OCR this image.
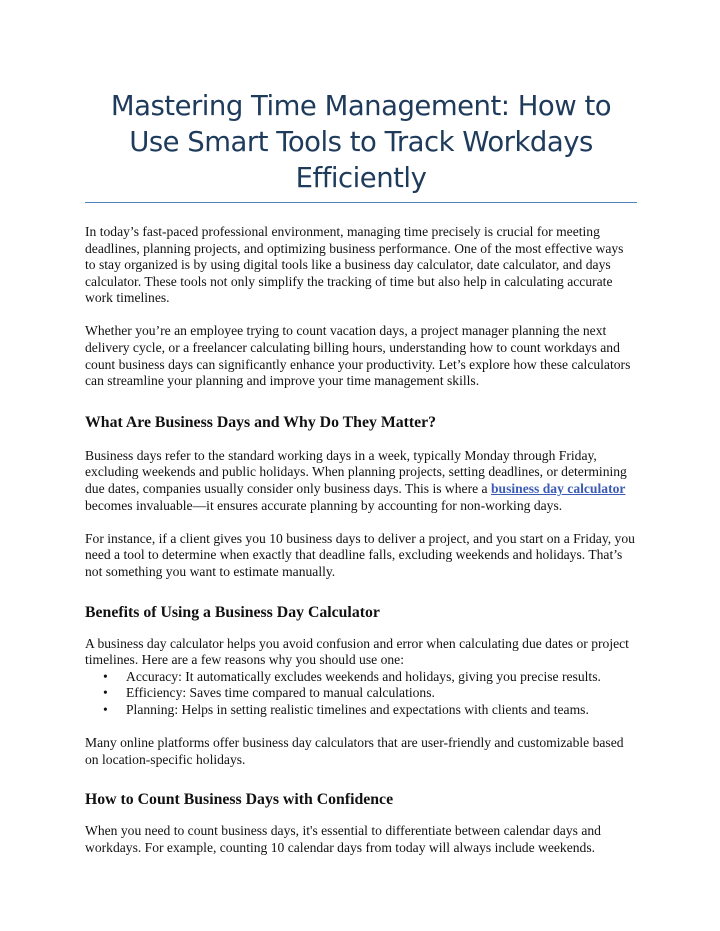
Mastering Time Management: How to Use Smart Tools to Track Workdays Efficiently

In today’s fast-paced professional environment, managing time precisely is crucial for meeting deadlines, planning projects, and optimizing business performance. One of the most effective ways to stay organized is by using digital tools like a business day calculator, date calculator, and days calculator. These tools not only simplify the tracking of time but also help in calculating accurate work timelines.

Whether you’re an employee trying to count vacation days, a project manager planning the next delivery cycle, or a freelancer calculating billing hours, understanding how to count workdays and count business days can significantly enhance your productivity. Let’s explore how these calculators can streamline your planning and improve your time management skills.

What Are Business Days and Why Do They Matter?

Business days refer to the standard working days in a week, typically Monday through Friday, excluding weekends and public holidays. When planning projects, setting deadlines, or determining due dates, companies usually consider only business days. This is where a business day calculator becomes invaluable—it ensures accurate planning by accounting for non-working days.

For instance, if a client gives you 10 business days to deliver a project, and you start on a Friday, you need a tool to determine when exactly that deadline falls, excluding weekends and holidays. That’s not something you want to estimate manually.

Benefits of Using a Business Day Calculator

A business day calculator helps you avoid confusion and error when calculating due dates or project timelines. Here are a few reasons why you should use one:

• Accuracy: It automatically excludes weekends and holidays, giving you precise results.
• Efficiency: Saves time compared to manual calculations.
• Planning: Helps in setting realistic timelines and expectations with clients and teams.

Many online platforms offer business day calculators that are user-friendly and customizable based on location-specific holidays.

How to Count Business Days with Confidence

When you need to count business days, it's essential to differentiate between calendar days and workdays. For example, counting 10 calendar days from today will always include weekends.
